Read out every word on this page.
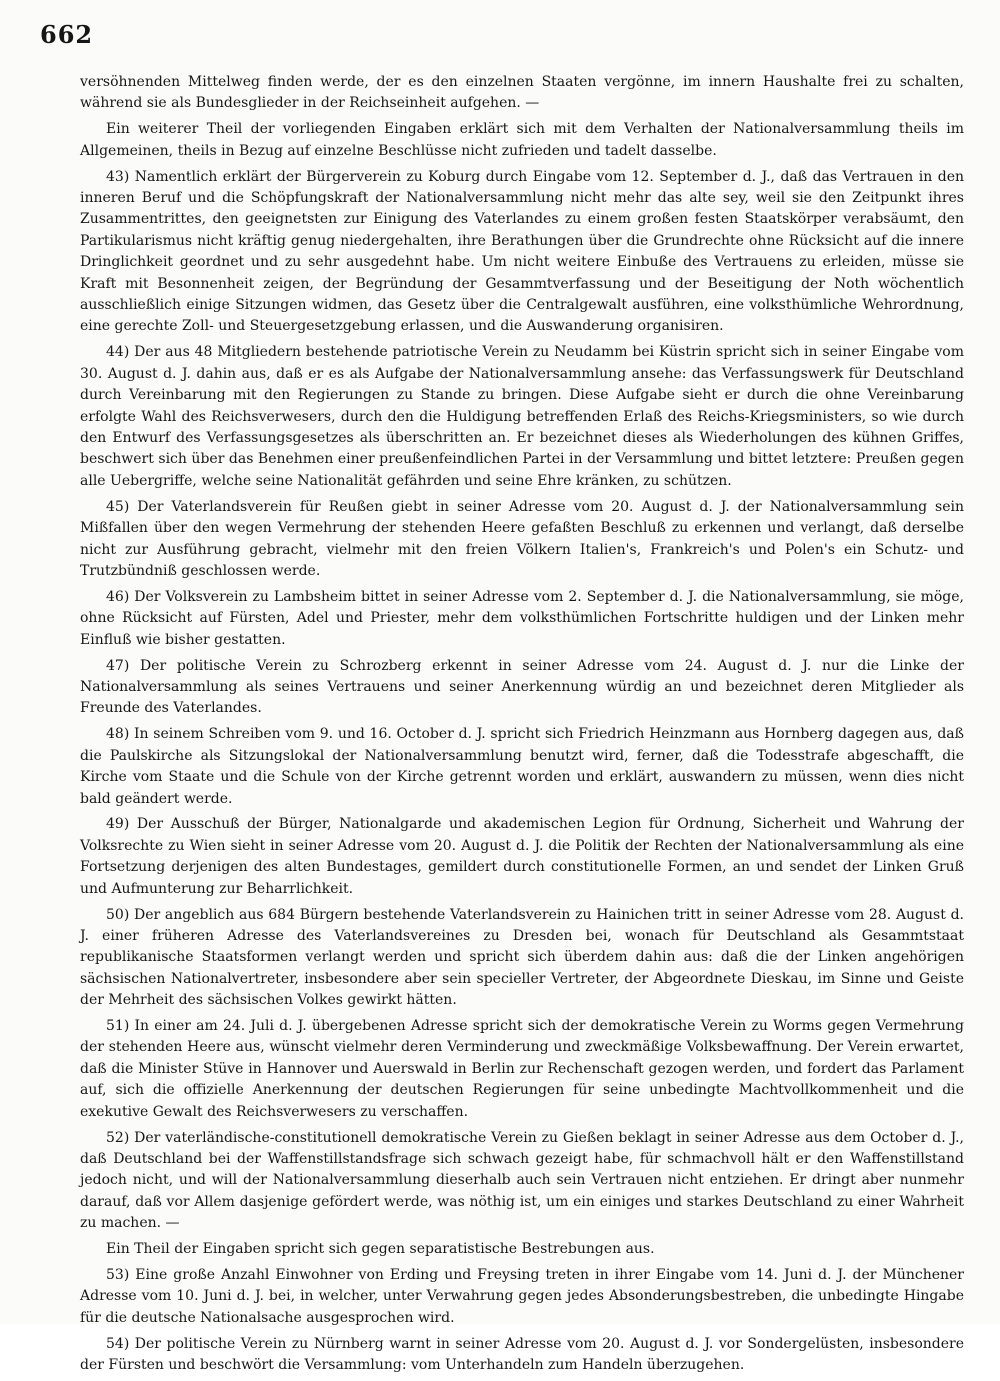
662

versöhnenden Mittelweg finden werde, der es den einzelnen Staaten vergönne, im innern Haushalte frei zu schalten, während sie als Bundesglieder in der Reichseinheit aufgehen. —

Ein weiterer Theil der vorliegenden Eingaben erklärt sich mit dem Verhalten der Nationalversammlung theils im Allgemeinen, theils in Bezug auf einzelne Beschlüsse nicht zufrieden und tadelt dasselbe.

43) Namentlich erklärt der Bürgerverein zu Koburg durch Eingabe vom 12. September d. J., daß das Vertrauen in den inneren Beruf und die Schöpfungskraft der Nationalversammlung nicht mehr das alte sey, weil sie den Zeitpunkt ihres Zusammentrittes, den geeignetsten zur Einigung des Vaterlandes zu einem großen festen Staatskörper verabsäumt, den Partikularismus nicht kräftig genug niedergehalten, ihre Berathungen über die Grundrechte ohne Rücksicht auf die innere Dringlichkeit geordnet und zu sehr ausgedehnt habe. Um nicht weitere Einbuße des Vertrauens zu erleiden, müsse sie Kraft mit Besonnenheit zeigen, der Begründung der Gesammtverfassung und der Beseitigung der Noth wöchentlich ausschließlich einige Sitzungen widmen, das Gesetz über die Centralgewalt ausführen, eine volksthümliche Wehrordnung, eine gerechte Zoll- und Steuergesetzgebung erlassen, und die Auswanderung organisiren.

44) Der aus 48 Mitgliedern bestehende patriotische Verein zu Neudamm bei Küstrin spricht sich in seiner Eingabe vom 30. August d. J. dahin aus, daß er es als Aufgabe der Nationalversammlung ansehe: das Verfassungswerk für Deutschland durch Vereinbarung mit den Regierungen zu Stande zu bringen. Diese Aufgabe sieht er durch die ohne Vereinbarung erfolgte Wahl des Reichsverwesers, durch den die Huldigung betreffenden Erlaß des Reichs-Kriegsministers, so wie durch den Entwurf des Verfassungsgesetzes als überschritten an. Er bezeichnet dieses als Wiederholungen des kühnen Griffes, beschwert sich über das Benehmen einer preußenfeindlichen Partei in der Versammlung und bittet letztere: Preußen gegen alle Uebergriffe, welche seine Nationalität gefährden und seine Ehre kränken, zu schützen.

45) Der Vaterlandsverein für Reußen giebt in seiner Adresse vom 20. August d. J. der Nationalversammlung sein Mißfallen über den wegen Vermehrung der stehenden Heere gefaßten Beschluß zu erkennen und verlangt, daß derselbe nicht zur Ausführung gebracht, vielmehr mit den freien Völkern Italien's, Frankreich's und Polen's ein Schutz- und Trutzbündniß geschlossen werde.

46) Der Volksverein zu Lambsheim bittet in seiner Adresse vom 2. September d. J. die Nationalversammlung, sie möge, ohne Rücksicht auf Fürsten, Adel und Priester, mehr dem volksthümlichen Fortschritte huldigen und der Linken mehr Einfluß wie bisher gestatten.

47) Der politische Verein zu Schrozberg erkennt in seiner Adresse vom 24. August d. J. nur die Linke der Nationalversammlung als seines Vertrauens und seiner Anerkennung würdig an und bezeichnet deren Mitglieder als Freunde des Vaterlandes.

48) In seinem Schreiben vom 9. und 16. October d. J. spricht sich Friedrich Heinzmann aus Hornberg dagegen aus, daß die Paulskirche als Sitzungslokal der Nationalversammlung benutzt wird, ferner, daß die Todesstrafe abgeschafft, die Kirche vom Staate und die Schule von der Kirche getrennt worden und erklärt, auswandern zu müssen, wenn dies nicht bald geändert werde.

49) Der Ausschuß der Bürger, Nationalgarde und akademischen Legion für Ordnung, Sicherheit und Wahrung der Volksrechte zu Wien sieht in seiner Adresse vom 20. August d. J. die Politik der Rechten der Nationalversammlung als eine Fortsetzung derjenigen des alten Bundestages, gemildert durch constitutionelle Formen, an und sendet der Linken Gruß und Aufmunterung zur Beharrlichkeit.

50) Der angeblich aus 684 Bürgern bestehende Vaterlandsverein zu Hainichen tritt in seiner Adresse vom 28. August d. J. einer früheren Adresse des Vaterlandsvereines zu Dresden bei, wonach für Deutschland als Gesammtstaat republikanische Staatsformen verlangt werden und spricht sich überdem dahin aus: daß die der Linken angehörigen sächsischen Nationalvertreter, insbesondere aber sein specieller Vertreter, der Abgeordnete Dieskau, im Sinne und Geiste der Mehrheit des sächsischen Volkes gewirkt hätten.

51) In einer am 24. Juli d. J. übergebenen Adresse spricht sich der demokratische Verein zu Worms gegen Vermehrung der stehenden Heere aus, wünscht vielmehr deren Verminderung und zweckmäßige Volksbewaffnung. Der Verein erwartet, daß die Minister Stüve in Hannover und Auerswald in Berlin zur Rechenschaft gezogen werden, und fordert das Parlament auf, sich die offizielle Anerkennung der deutschen Regierungen für seine unbedingte Machtvollkommenheit und die exekutive Gewalt des Reichsverwesers zu verschaffen.

52) Der vaterländische-constitutionell demokratische Verein zu Gießen beklagt in seiner Adresse aus dem October d. J., daß Deutschland bei der Waffenstillstandsfrage sich schwach gezeigt habe, für schmachvoll hält er den Waffenstillstand jedoch nicht, und will der Nationalversammlung dieserhalb auch sein Vertrauen nicht entziehen. Er dringt aber nunmehr darauf, daß vor Allem dasjenige gefördert werde, was nöthig ist, um ein einiges und starkes Deutschland zu einer Wahrheit zu machen. —

Ein Theil der Eingaben spricht sich gegen separatistische Bestrebungen aus.

53) Eine große Anzahl Einwohner von Erding und Freysing treten in ihrer Eingabe vom 14. Juni d. J. der Münchener Adresse vom 10. Juni d. J. bei, in welcher, unter Verwahrung gegen jedes Absonderungsbestreben, die unbedingte Hingabe für die deutsche Nationalsache ausgesprochen wird.

54) Der politische Verein zu Nürnberg warnt in seiner Adresse vom 20. August d. J. vor Sondergelüsten, insbesondere der Fürsten und beschwört die Versammlung: vom Unterhandeln zum Handeln überzugehen.
